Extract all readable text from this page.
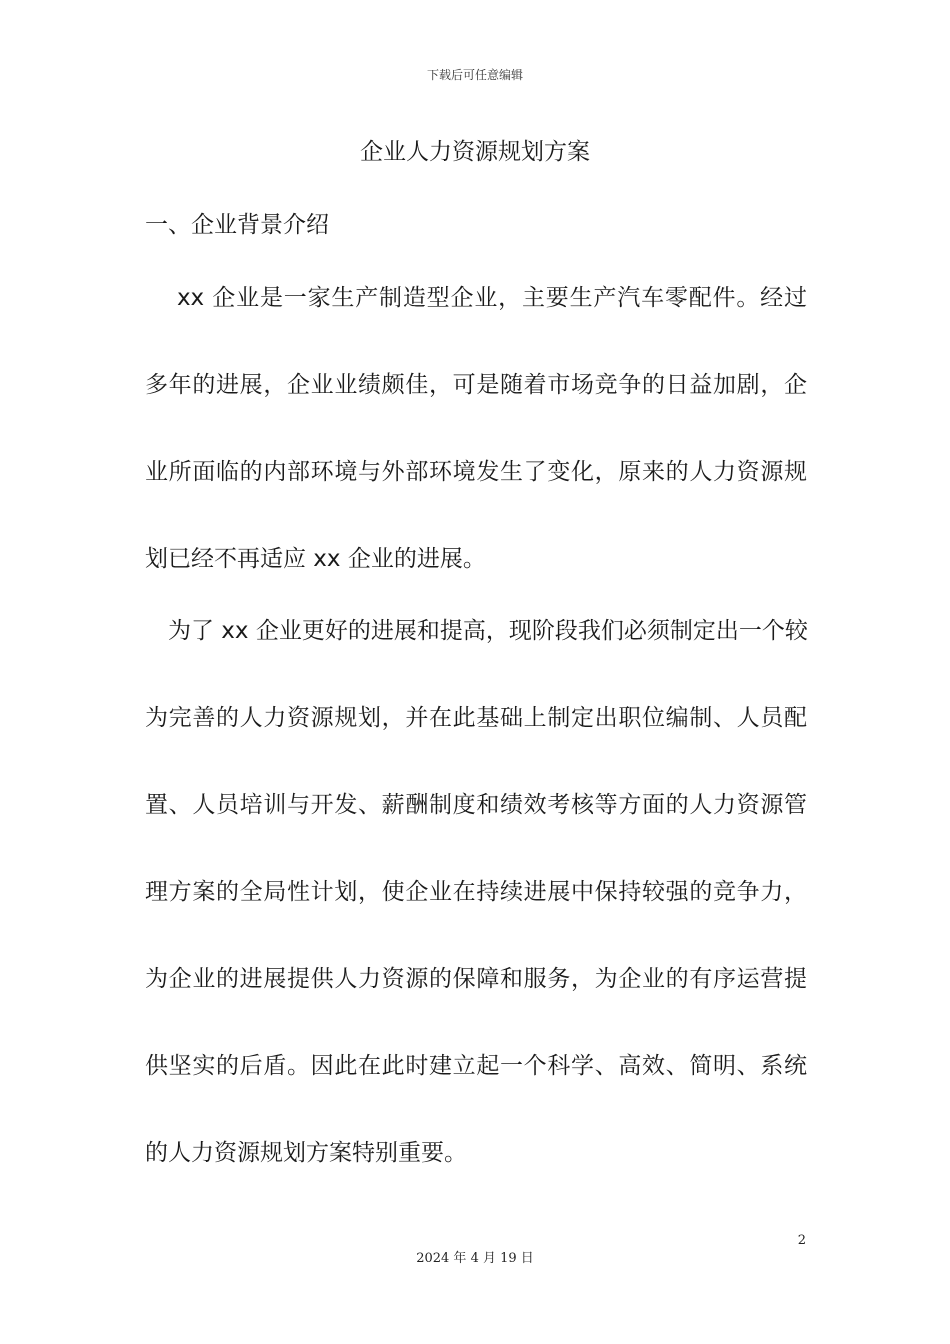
下载后可任意编辑
企业人力资源规划方案
一、企业背景介绍

　 xx 企业是一家生产制造型企业，主要生产汽车零配件。经过
多年的进展，企业业绩颇佳，可是随着市场竞争的日益加剧，企
业所面临的内部环境与外部环境发生了变化，原来的人力资源规
划已经不再适应 xx 企业的进展。

　为了 xx 企业更好的进展和提高，现阶段我们必须制定出一个较
为完善的人力资源规划，并在此基础上制定出职位编制、人员配
置、人员培训与开发、薪酬制度和绩效考核等方面的人力资源管
理方案的全局性计划，使企业在持续进展中保持较强的竞争力，
为企业的进展提供人力资源的保障和服务，为企业的有序运营提
供坚实的后盾。因此在此时建立起一个科学、高效、简明、系统
的人力资源规划方案特别重要。

2
2024 年 4 月 19 日
